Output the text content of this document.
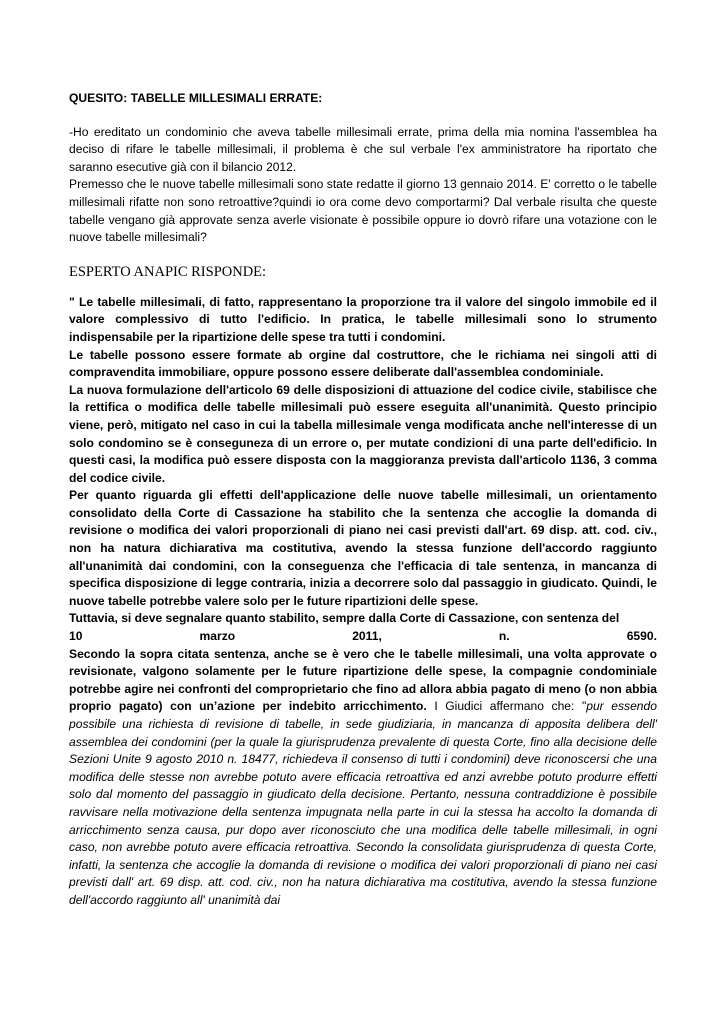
QUESITO: TABELLE MILLESIMALI ERRATE:

-Ho ereditato un condominio che aveva tabelle millesimali errate, prima della mia nomina l'assemblea ha deciso di rifare le tabelle millesimali, il problema è che sul verbale l'ex amministratore ha riportato che saranno esecutive già con il bilancio 2012.

Premesso che le nuove tabelle millesimali sono state redatte il giorno 13 gennaio 2014. E' corretto o le tabelle millesimali rifatte non sono retroattive?quindi io ora come devo comportarmi? Dal verbale risulta che queste tabelle vengano già approvate senza averle visionate è possibile oppure io dovrò rifare una votazione con le nuove tabelle millesimali?

ESPERTO ANAPIC RISPONDE:

" Le tabelle millesimali, di fatto, rappresentano la proporzione tra il valore del singolo immobile ed il valore complessivo di tutto l'edificio. In pratica, le tabelle millesimali sono lo strumento indispensabile per la ripartizione delle spese tra tutti i condomini.

Le tabelle possono essere formate ab orgine dal costruttore, che le richiama nei singoli atti di compravendita immobiliare, oppure possono essere deliberate dall'assemblea condominiale.

La nuova formulazione dell'articolo 69 delle disposizioni di attuazione del codice civile, stabilisce che la rettifica o modifica delle tabelle millesimali può essere eseguita all'unanimità. Questo principio viene, però, mitigato nel caso in cui la tabella millesimale venga modificata anche nell'interesse di un solo condomino se è conseguneza di un errore o, per mutate condizioni di una parte dell'edificio. In questi casi, la modifica può essere disposta con la maggioranza prevista dall'articolo 1136, 3 comma del codice civile.

Per quanto riguarda gli effetti dell'applicazione delle nuove tabelle millesimali, un orientamento consolidato della Corte di Cassazione ha stabilito che la sentenza che accoglie la domanda di revisione o modifica dei valori proporzionali di piano nei casi previsti dall'art. 69 disp. att. cod. civ., non ha natura dichiarativa ma costitutiva, avendo la stessa funzione dell'accordo raggiunto all'unanimità dai condomini, con la conseguenza che l'efficacia di tale sentenza, in mancanza di specifica disposizione di legge contraria, inizia a decorrere solo dal passaggio in giudicato. Quindi, le nuove tabelle potrebbe valere solo per le future ripartizioni delle spese.

Tuttavia, si deve segnalare quanto stabilito, sempre dalla Corte di Cassazione, con sentenza del

10	marzo	2011,	n.	6590.

Secondo la sopra citata sentenza, anche se è vero che le tabelle millesimali, una volta approvate o revisionate, valgono solamente per le future ripartizione delle spese, la compagnie condominiale potrebbe agire nei confronti del comproprietario che fino ad allora abbia pagato di meno (o non abbia proprio pagato) con un’azione per indebito arricchimento. I Giudici affermano che: "pur essendo possibile una richiesta di revisione di tabelle, in sede giudiziaria, in mancanza di apposita delibera dell' assemblea dei condomini (per la quale la giurisprudenza prevalente di questa Corte, fino alla decisione delle Sezioni Unite 9 agosto 2010 n. 18477, richiedeva il consenso di tutti i condomini) deve riconoscersi che una modifica delle stesse non avrebbe potuto avere efficacia retroattiva ed anzi avrebbe potuto produrre effetti solo dal momento del passaggio in giudicato della decisione. Pertanto, nessuna contraddizione è possibile ravvisare nella motivazione della sentenza impugnata nella parte in cui la stessa ha accolto la domanda di arricchimento senza causa, pur dopo aver riconosciuto che una modifica delle tabelle millesimali, in ogni caso, non avrebbe potuto avere efficacia retroattiva. Secondo la consolidata giurisprudenza di questa Corte, infatti, la sentenza che accoglie la domanda di revisione o modifica dei valori proporzionali di piano nei casi previsti dall' art. 69 disp. att. cod. civ., non ha natura dichiarativa ma costitutiva, avendo la stessa funzione dell'accordo raggiunto all' unanimità dai
